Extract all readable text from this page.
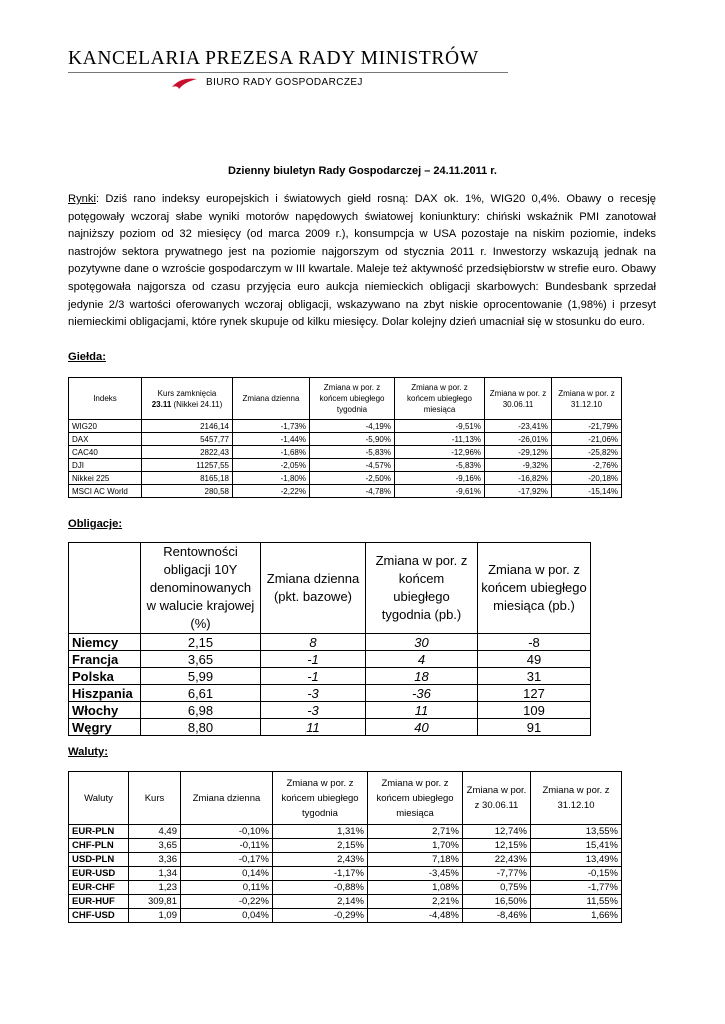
KANCELARIA PREZESA RADY MINISTRÓW
BIURO RADY GOSPODARCZEJ
Dzienny biuletyn Rady Gospodarczej – 24.11.2011 r.
Rynki: Dziś rano indeksy europejskich i światowych giełd rosną: DAX ok. 1%, WIG20 0,4%. Obawy o recesję potęgowały wczoraj słabe wyniki motorów napędowych światowej koniunktury: chiński wskaźnik PMI zanotował najniższy poziom od 32 miesięcy (od marca 2009 r.), konsumpcja w USA pozostaje na niskim poziomie, indeks nastrojów sektora prywatnego jest na poziomie najgorszym od stycznia 2011 r. Inwestorzy wskazują jednak na pozytywne dane o wzroście gospodarczym w III kwartale. Maleje też aktywność przedsiębiorstw w strefie euro. Obawy spotęgowała najgorsza od czasu przyjęcia euro aukcja niemieckich obligacji skarbowych: Bundesbank sprzedał jedynie 2/3 wartości oferowanych wczoraj obligacji, wskazywano na zbyt niskie oprocentowanie (1,98%) i przesyt niemieckimi obligacjami, które rynek skupuje od kilku miesięcy. Dolar kolejny dzień umacniał się w stosunku do euro.
Giełda:
Indeks	Kurs zamknięcia
23.11 (Nikkei 24.11)	Zmiana dzienna	Zmiana w por. z końcem ubiegłego tygodnia	Zmiana w por. z końcem ubiegłego miesiąca	Zmiana w por. z 30.06.11	Zmiana w por. z 31.12.10
WIG20	2146,14	-1,73%	-4,19%	-9,51%	-23,41%	-21,79%
DAX	5457,77	-1,44%	-5,90%	-11,13%	-26,01%	-21,06%
CAC40	2822,43	-1,68%	-5,83%	-12,96%	-29,12%	-25,82%
DJI	11257,55	-2,05%	-4,57%	-5,83%	-9,32%	-2,76%
Nikkei 225	8165,18	-1,80%	-2,50%	-9,16%	-16,82%	-20,18%
MSCI AC World	280,58	-2,22%	-4,78%	-9,61%	-17,92%	-15,14%
Obligacje:
	Rentowności obligacji 10Y denominowanych w walucie krajowej (%)	Zmiana dzienna (pkt. bazowe)	Zmiana w por. z końcem ubiegłego tygodnia (pb.)	Zmiana w por. z końcem ubiegłego miesiąca (pb.)
Niemcy	2,15	8	30	-8
Francja	3,65	-1	4	49
Polska	5,99	-1	18	31
Hiszpania	6,61	-3	-36	127
Włochy	6,98	-3	11	109
Węgry	8,80	11	40	91
Waluty:
Waluty	Kurs	Zmiana dzienna	Zmiana w por. z końcem ubiegłego tygodnia	Zmiana w por. z końcem ubiegłego miesiąca	Zmiana w por. z 30.06.11	Zmiana w por. z 31.12.10
EUR-PLN	4,49	-0,10%	1,31%	2,71%	12,74%	13,55%
CHF-PLN	3,65	-0,11%	2,15%	1,70%	12,15%	15,41%
USD-PLN	3,36	-0,17%	2,43%	7,18%	22,43%	13,49%
EUR-USD	1,34	0,14%	-1,17%	-3,45%	-7,77%	-0,15%
EUR-CHF	1,23	0,11%	-0,88%	1,08%	0,75%	-1,77%
EUR-HUF	309,81	-0,22%	2,14%	2,21%	16,50%	11,55%
CHF-USD	1,09	0,04%	-0,29%	-4,48%	-8,46%	1,66%
